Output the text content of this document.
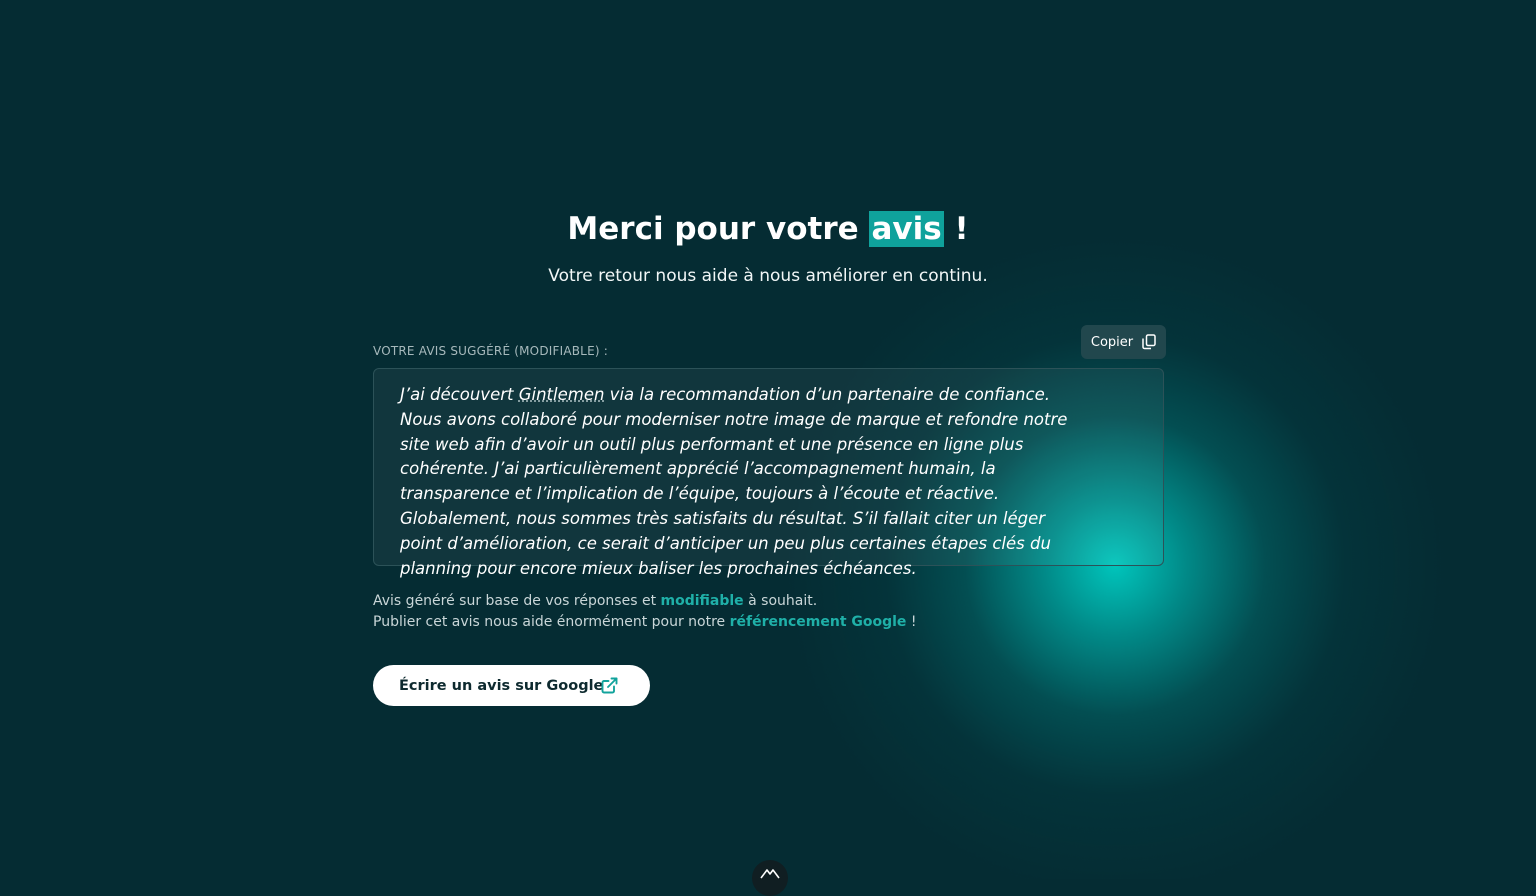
Merci pour votre avis !

Votre retour nous aide à nous améliorer en continu.

VOTRE AVIS SUGGÉRÉ (MODIFIABLE) :
Copier

J’ai découvert Gintlemen via la recommandation d’un partenaire de confiance. Nous avons collaboré pour moderniser notre image de marque et refondre notre site web afin d’avoir un outil plus performant et une présence en ligne plus cohérente. J’ai particulièrement apprécié l’accompagnement humain, la transparence et l’implication de l’équipe, toujours à l’écoute et réactive. Globalement, nous sommes très satisfaits du résultat. S’il fallait citer un léger point d’amélioration, ce serait d’anticiper un peu plus certaines étapes clés du planning pour encore mieux baliser les prochaines échéances.

Avis généré sur base de vos réponses et modifiable à souhait.
Publier cet avis nous aide énormément pour notre référencement Google !
Écrire un avis sur Google
